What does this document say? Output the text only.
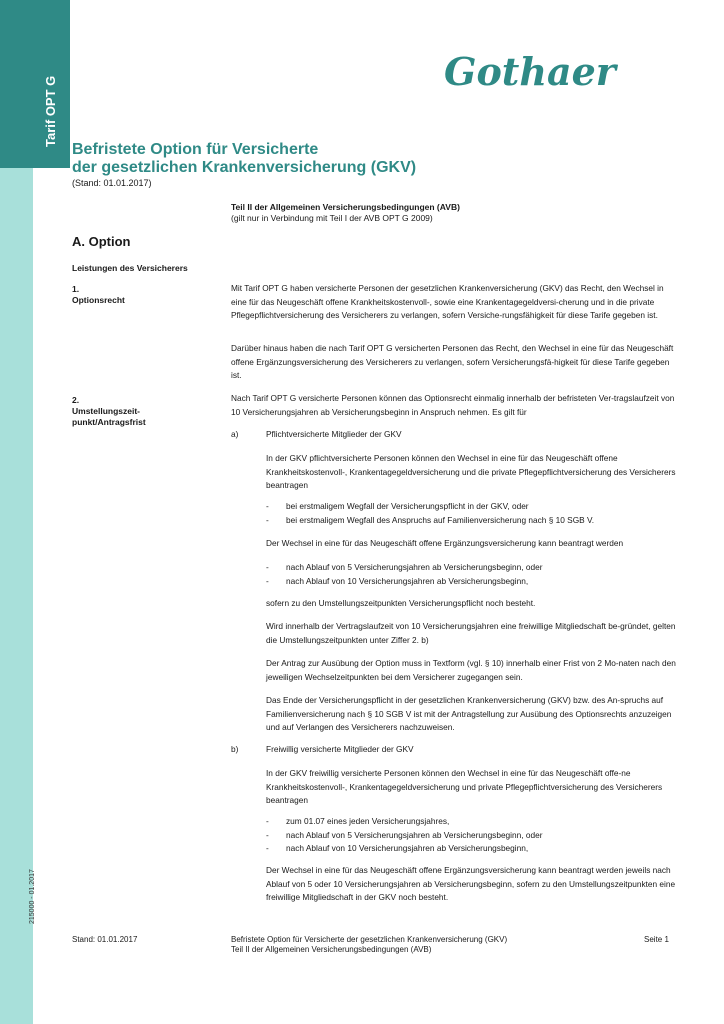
Tarif OPT G
215000 - 01.2017
Gothaer
Befristete Option für Versicherte
der gesetzlichen Krankenversicherung (GKV)
(Stand: 01.01.2017)
Teil II der Allgemeinen Versicherungsbedingungen (AVB)
(gilt nur in Verbindung mit Teil I der AVB OPT G 2009)
A. Option
Leistungen des Versicherers
1.
Optionsrecht

Mit Tarif OPT G haben versicherte Personen der gesetzlichen Krankenversicherung (GKV) das Recht, den Wechsel in eine für das Neugeschäft offene Krankheitskostenvoll-, sowie eine Krankentagegeldversi-cherung und in die private Pflegepflichtversicherung des Versicherers zu verlangen, sofern Versiche-rungsfähigkeit für diese Tarife gegeben ist.

Darüber hinaus haben die nach Tarif OPT G versicherten Personen das Recht, den Wechsel in eine für das Neugeschäft offene Ergänzungsversicherung des Versicherers zu verlangen, sofern Versicherungsfä-higkeit für diese Tarife gegeben ist.

2.
Umstellungszeit-
punkt/Antragsfrist

Nach Tarif OPT G versicherte Personen können das Optionsrecht einmalig innerhalb der befristeten Ver-tragslaufzeit von 10 Versicherungsjahren ab Versicherungsbeginn in Anspruch nehmen. Es gilt für

a)	Pflichtversicherte Mitglieder der GKV

In der GKV pflichtversicherte Personen können den Wechsel in eine für das Neugeschäft offene Krankheitskostenvoll-, Krankentagegeldversicherung und die private Pflegepflichtversicherung des Versicherers beantragen

- bei erstmaligem Wegfall der Versicherungspflicht in der GKV, oder
- bei erstmaligem Wegfall des Anspruchs auf Familienversicherung nach § 10 SGB V.

Der Wechsel in eine für das Neugeschäft offene Ergänzungsversicherung kann beantragt werden

- nach Ablauf von 5 Versicherungsjahren ab Versicherungsbeginn, oder
- nach Ablauf von 10 Versicherungsjahren ab Versicherungsbeginn,

sofern zu den Umstellungszeitpunkten Versicherungspflicht noch besteht.

Wird innerhalb der Vertragslaufzeit von 10 Versicherungsjahren eine freiwillige Mitgliedschaft be-gründet, gelten die Umstellungszeitpunkten unter Ziffer 2. b)

Der Antrag zur Ausübung der Option muss in Textform (vgl. § 10) innerhalb einer Frist von 2 Mo-naten nach den jeweiligen Wechselzeitpunkten bei dem Versicherer zugegangen sein.

Das Ende der Versicherungspflicht in der gesetzlichen Krankenversicherung (GKV) bzw. des An-spruchs auf Familienversicherung nach § 10 SGB V ist mit der Antragstellung zur Ausübung des Optionsrechts anzuzeigen und auf Verlangen des Versicherers nachzuweisen.

b)	Freiwillig versicherte Mitglieder der GKV

In der GKV freiwillig versicherte Personen können den Wechsel in eine für das Neugeschäft offe-ne Krankheitskostenvoll-, Krankentagegeldversicherung und private Pflegepflichtversicherung des Versicherers beantragen

- zum 01.07 eines jeden Versicherungsjahres,
- nach Ablauf von 5 Versicherungsjahren ab Versicherungsbeginn, oder
- nach Ablauf von 10 Versicherungsjahren ab Versicherungsbeginn,

Der Wechsel in eine für das Neugeschäft offene Ergänzungsversicherung kann beantragt werden jeweils nach Ablauf von 5 oder 10 Versicherungsjahren ab Versicherungsbeginn, sofern zu den Umstellungszeitpunkten eine freiwillige Mitgliedschaft in der GKV noch besteht.

Stand: 01.01.2017	Befristete Option für Versicherte der gesetzlichen Krankenversicherung (GKV)
Teil II der Allgemeinen Versicherungsbedingungen (AVB)
Seite 1
